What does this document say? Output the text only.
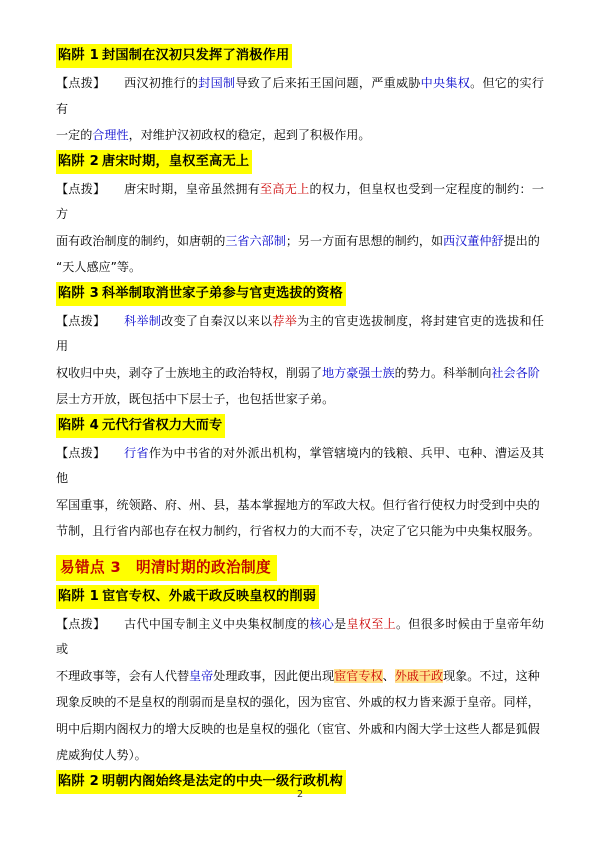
陷阱 1 封国制在汉初只发挥了消极作用
【点拨】　　西汉初推行的封国制导致了后来拓王国问题，严重威胁中央集权。但它的实行有
一定的合理性，对维护汉初政权的稳定，起到了积极作用。
陷阱 2 唐宋时期，皇权至高无上
【点拨】　　唐宋时期，皇帝虽然拥有至高无上的权力，但皇权也受到一定程度的制约：一方
面有政治制度的制约，如唐朝的三省六部制；另一方面有思想的制约，如西汉董仲舒提出的
“天人感应”等。
陷阱 3 科举制取消世家子弟参与官吏选拔的资格
【点拨】　　 科举制改变了自秦汉以来以荐举为主的官吏选拔制度，将封建官吏的选拔和任用
权收归中央，剥夺了士族地主的政治特权，削弱了地方豪强士族的势力。科举制向社会各阶
层士方开放，既包括中下层士子，也包括世家子弟。
陷阱 4 元代行省权力大而专
【点拨】　　 行省作为中书省的对外派出机构，掌管辖境内的钱粮、兵甲、屯种、漕运及其他
军国重事，统领路、府、州、县，基本掌握地方的军政大权。但行省行使权力时受到中央的
节制，且行省内部也存在权力制约，行省权力的大而不专，决定了它只能为中央集权服务。
易错点 3　明清时期的政治制度
陷阱 1 宦官专权、外戚干政反映皇权的削弱
【点拨】　　古代中国专制主义中央集权制度的核心是皇权至上。但很多时候由于皇帝年幼或
不理政事等，会有人代替皇帝处理政事，因此便出现宦官专权、外戚干政现象。不过，这种
现象反映的不是皇权的削弱而是皇权的强化，因为宦官、外戚的权力皆来源于皇帝。同样，
明中后期内阁权力的增大反映的也是皇权的强化（宦官、外戚和内阁大学士这些人都是狐假
虎威狗仗人势）。
陷阱 2 明朝内阁始终是法定的中央一级行政机构
2
